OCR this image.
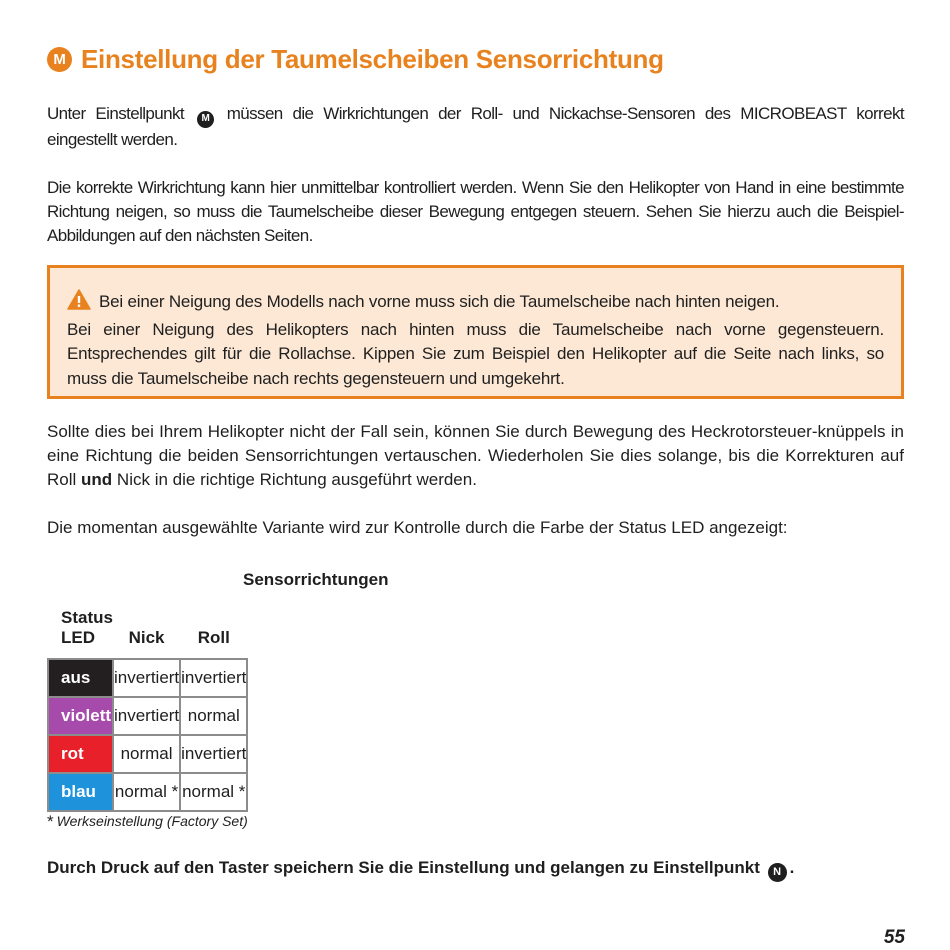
M Einstellung der Taumelscheiben Sensorrichtung

Unter Einstellpunkt M müssen die Wirkrichtungen der Roll- und Nickachse-Sensoren des MICROBEAST korrekt eingestellt werden.

Die korrekte Wirkrichtung kann hier unmittelbar kontrolliert werden. Wenn Sie den Helikopter von Hand in eine bestimmte Richtung neigen, so muss die Taumelscheibe dieser Bewegung entgegen steuern. Sehen Sie hierzu auch die Beispiel-Abbildungen auf den nächsten Seiten.

Bei einer Neigung des Modells nach vorne muss sich die Taumelscheibe nach hinten neigen.

Bei einer Neigung des Helikopters nach hinten muss die Taumelscheibe nach vorne gegensteuern. Entsprechendes gilt für die Rollachse. Kippen Sie zum Beispiel den Helikopter auf die Seite nach links, so muss die Taumelscheibe nach rechts gegensteuern und umgekehrt.

Sollte dies bei Ihrem Helikopter nicht der Fall sein, können Sie durch Bewegung des Heckrotorsteuer-knüppels in eine Richtung die beiden Sensorrichtungen vertauschen. Wiederholen Sie dies solange, bis die Korrekturen auf Roll und Nick in die richtige Richtung ausgeführt werden.

Die momentan ausgewählte Variante wird zur Kontrolle durch die Farbe der Status LED angezeigt:

Sensorrichtungen
Status LED	Nick	Roll
aus	invertiert	invertiert
violett	invertiert	normal
rot	normal	invertiert
blau	normal *	normal *

* Werkseinstellung (Factory Set)

Durch Druck auf den Taster speichern Sie die Einstellung und gelangen zu Einstellpunkt N .

55
